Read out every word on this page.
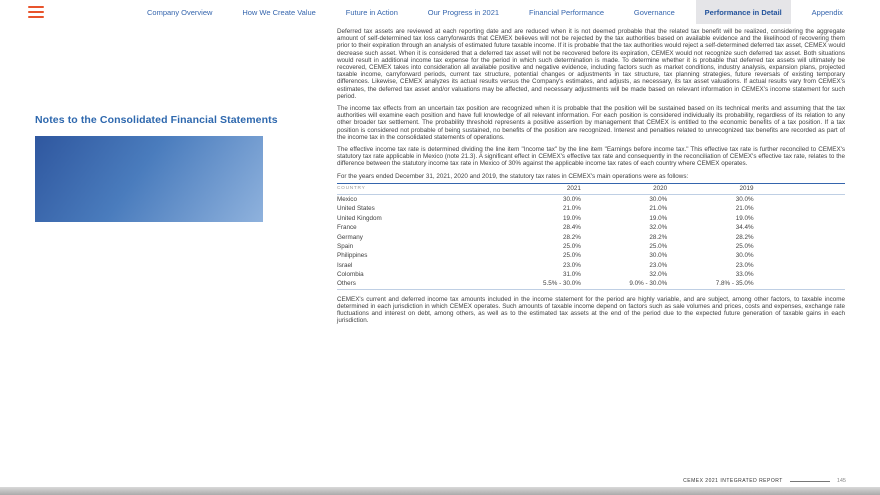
Company Overview	How We Create Value	Future in Action	Our Progress in 2021	Financial Performance	Governance	Performance in Detail	Appendix
Notes to the Consolidated Financial Statements

Deferred tax assets are reviewed at each reporting date and are reduced when it is not deemed probable that the related tax benefit will be realized, considering the aggregate amount of self-determined tax loss carryforwards that CEMEX believes will not be rejected by the tax authorities based on available evidence and the likelihood of recovering them prior to their expiration through an analysis of estimated future taxable income. If it is probable that the tax authorities would reject a self-determined deferred tax asset, CEMEX would decrease such asset. When it is considered that a deferred tax asset will not be recovered before its expiration, CEMEX would not recognize such deferred tax asset. Both situations would result in additional income tax expense for the period in which such determination is made. To determine whether it is probable that deferred tax assets will ultimately be recovered, CEMEX takes into consideration all available positive and negative evidence, including factors such as market conditions, industry analysis, expansion plans, projected taxable income, carryforward periods, current tax structure, potential changes or adjustments in tax structure, tax planning strategies, future reversals of existing temporary differences. Likewise, CEMEX analyzes its actual results versus the Company's estimates, and adjusts, as necessary, its tax asset valuations. If actual results vary from CEMEX's estimates, the deferred tax asset and/or valuations may be affected, and necessary adjustments will be made based on relevant information in CEMEX's income statement for such period.

The income tax effects from an uncertain tax position are recognized when it is probable that the position will be sustained based on its technical merits and assuming that the tax authorities will examine each position and have full knowledge of all relevant information. For each position is considered individually its probability, regardless of its relation to any other broader tax settlement. The probability threshold represents a positive assertion by management that CEMEX is entitled to the economic benefits of a tax position. If a tax position is considered not probable of being sustained, no benefits of the position are recognized. Interest and penalties related to unrecognized tax benefits are recorded as part of the income tax in the consolidated statements of operations.

The effective income tax rate is determined dividing the line item "Income tax" by the line item "Earnings before income tax." This effective tax rate is further reconciled to CEMEX's statutory tax rate applicable in Mexico (note 21.3). A significant effect in CEMEX's effective tax rate and consequently in the reconciliation of CEMEX's effective tax rate, relates to the difference between the statutory income tax rate in Mexico of 30% against the applicable income tax rates of each country where CEMEX operates.

For the years ended December 31, 2021, 2020 and 2019, the statutory tax rates in CEMEX's main operations were as follows:

COUNTRY	2021	2020	2019	
Mexico	30.0%	30.0%	30.0%	
United States	21.0%	21.0%	21.0%	
United Kingdom	19.0%	19.0%	19.0%	
France	28.4%	32.0%	34.4%	
Germany	28.2%	28.2%	28.2%	
Spain	25.0%	25.0%	25.0%	
Philippines	25.0%	30.0%	30.0%	
Israel	23.0%	23.0%	23.0%	
Colombia	31.0%	32.0%	33.0%	
Others	5.5% - 30.0%	9.0% - 30.0%	7.8% - 35.0%	

CEMEX's current and deferred income tax amounts included in the income statement for the period are highly variable, and are subject, among other factors, to taxable income determined in each jurisdiction in which CEMEX operates. Such amounts of taxable income depend on factors such as sale volumes and prices, costs and expenses, exchange rate fluctuations and interest on debt, among others, as well as to the estimated tax assets at the end of the period due to the expected future generation of taxable gains in each jurisdiction.

CEMEX 2021 INTEGRATED REPORT	145
